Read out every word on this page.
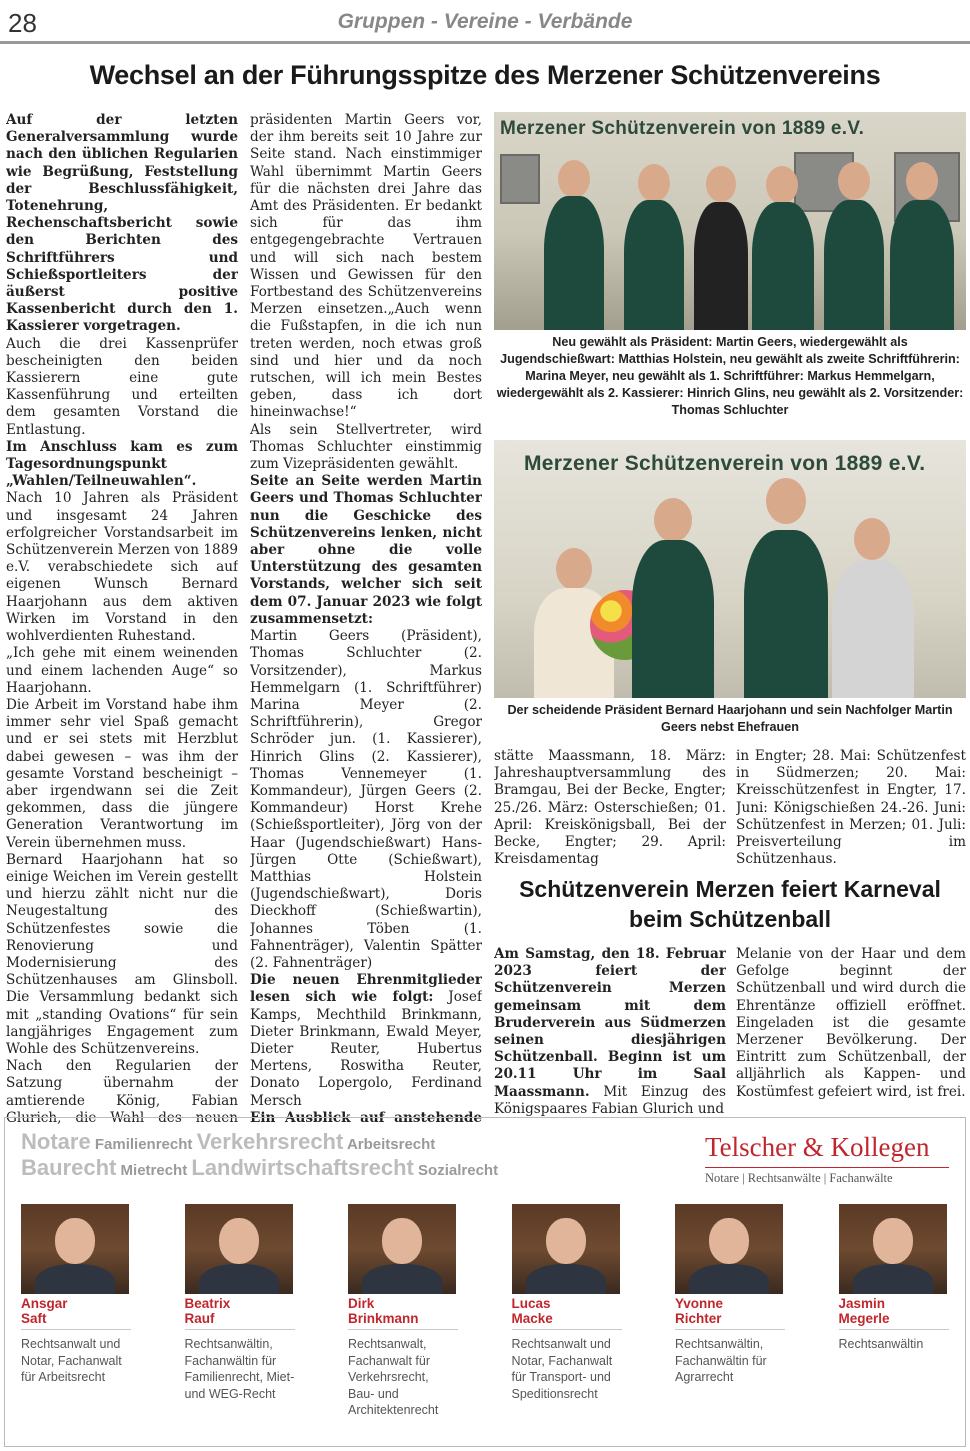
28	Gruppen - Vereine - Verbände
Wechsel an der Führungsspitze des Merzener Schützenvereins

Auf der letzten Generalversammlung wurde nach den üblichen Regularien wie Begrüßung, Feststellung der Beschlussfähigkeit, Totenehrung, Rechenschaftsbericht sowie den Berichten des Schriftführers und Schießsportleiters der äußerst positive Kassenbericht durch den 1. Kassierer vorgetragen.

Auch die drei Kassenprüfer bescheinigten den beiden Kassierern eine gute Kassenführung und erteilten dem gesamten Vorstand die Entlastung.

Im Anschluss kam es zum Tagesordnungspunkt „Wahlen/Teilneuwahlen“.

Nach 10 Jahren als Präsident und insgesamt 24 Jahren erfolgreicher Vorstandsarbeit im Schützenverein Merzen von 1889 e.V. verabschiedete sich auf eigenen Wunsch Bernard Haarjohann aus dem aktiven Wirken im Vorstand in den wohlverdienten Ruhestand.

„Ich gehe mit einem weinenden und einem lachenden Auge“ so Haarjohann.

Die Arbeit im Vorstand habe ihm immer sehr viel Spaß gemacht und er sei stets mit Herzblut dabei gewesen – was ihm der gesamte Vorstand bescheinigt – aber irgendwann sei die Zeit gekommen, dass die jüngere Generation Verantwortung im Verein übernehmen muss.

Bernard Haarjohann hat so einige Weichen im Verein gestellt und hierzu zählt nicht nur die Neugestaltung des Schützenfestes sowie die Renovierung und Modernisierung des Schützenhauses am Glinsboll. Die Versammlung bedankt sich mit „standing Ovations“ für sein langjähriges Engagement zum Wohle des Schützenvereins.

Nach den Regularien der Satzung übernahm der amtierende König, Fabian Glurich, die Wahl des neuen

präsidenten Martin Geers vor, der ihm bereits seit 10 Jahre zur Seite stand. Nach einstimmiger Wahl übernimmt Martin Geers für die nächsten drei Jahre das Amt des Präsidenten. Er bedankt sich für das ihm entgegengebrachte Vertrauen und will sich nach bestem Wissen und Gewissen für den Fortbestand des Schützenvereins Merzen einsetzen.„Auch wenn die Fußstapfen, in die ich nun treten werden, noch etwas groß sind und hier und da noch rutschen, will ich mein Bestes geben, dass ich dort hineinwachse!“

Als sein Stellvertreter, wird Thomas Schluchter einstimmig zum Vizepräsidenten gewählt.

Seite an Seite werden Martin Geers und Thomas Schluchter nun die Geschicke des Schützenvereins lenken, nicht aber ohne die volle Unterstützung des gesamten Vorstands, welcher sich seit dem 07. Januar 2023 wie folgt zusammensetzt:

Martin Geers (Präsident), Thomas Schluchter (2. Vorsitzender), Markus Hemmelgarn (1. Schriftführer) Marina Meyer (2. Schriftführerin), Gregor Schröder jun. (1. Kassierer), Hinrich Glins (2. Kassierer), Thomas Vennemeyer (1. Kommandeur), Jürgen Geers (2. Kommandeur) Horst Krehe (Schießsportleiter), Jörg von der Haar (Jugendschießwart) Hans-Jürgen Otte (Schießwart), Matthias Holstein (Jugendschießwart), Doris Dieckhoff (Schießwartin), Johannes Töben (1. Fahnenträger), Valentin Spätter (2. Fahnenträger)

Die neuen Ehrenmitglieder lesen sich wie folgt: Josef Kamps, Mechthild Brinkmann, Dieter Brinkmann, Ewald Meyer, Dieter Reuter, Hubertus Mertens, Roswitha Reuter, Donato Lopergolo, Ferdinand Mersch

Ein Ausblick auf anstehende

Merzener Schützenverein von 1889 e.V.
Neu gewählt als Präsident: Martin Geers, wiedergewählt als Jugendschießwart: Matthias Holstein, neu gewählt als zweite Schriftführerin: Marina Meyer, neu gewählt als 1. Schriftführer: Markus Hemmelgarn, wiedergewählt als 2. Kassierer: Hinrich Glins, neu gewählt als 2. Vorsitzender: Thomas Schluchter
Merzener Schützenverein von 1889 e.V.
Der scheidende Präsident Bernard Haarjohann und sein Nachfolger Martin Geers nebst Ehefrauen
stätte Maassmann, 18. März: Jahreshauptversammlung des Bramgau, Bei der Becke, Engter; 25./26. März: Osterschießen; 01. April: Kreiskönigsball, Bei der Becke, Engter; 29. April: Kreisdamentag
in Engter; 28. Mai: Schützenfest in Südmerzen; 20. Mai: Kreisschützenfest in Engter, 17. Juni: Königschießen 24.-26. Juni: Schützenfest in Merzen; 01. Juli: Preisverteilung im Schützenhaus.
Schützenverein Merzen feiert Karneval beim Schützenball
Am Samstag, den 18. Februar 2023 feiert der Schützenverein Merzen gemeinsam mit dem Bruderverein aus Südmerzen seinen diesjährigen Schützenball. Beginn ist um 20.11 Uhr im Saal Maassmann. Mit Einzug des Königspaares Fabian Glurich und
Melanie von der Haar und dem Gefolge beginnt der Schützenball und wird durch die Ehrentänze offiziell eröffnet. Eingeladen ist die gesamte Merzener Bevölkerung. Der Eintritt zum Schützenball, der alljährlich als Kappen- und Kostümfest gefeiert wird, ist frei.
Notare Familienrecht Verkehrsrecht Arbeitsrecht
Baurecht Mietrecht Landwirtschaftsrecht Sozialrecht
Telscher & Kollegen
Notare | Rechtsanwälte | Fachanwälte
Ansgar
Saft
Rechtsanwalt und Notar, Fachanwalt für Arbeitsrecht
Beatrix
Rauf
Rechtsanwältin, Fachanwältin für Familienrecht, Miet- und WEG-Recht
Dirk
Brinkmann
Rechtsanwalt, Fachanwalt für Verkehrsrecht, Bau- und Architektenrecht
Lucas
Macke
Rechtsanwalt und Notar, Fachanwalt für Transport- und Speditionsrecht
Yvonne
Richter
Rechtsanwältin, Fachanwältin für Agrarrecht
Jasmin
Megerle
Rechtsanwältin
